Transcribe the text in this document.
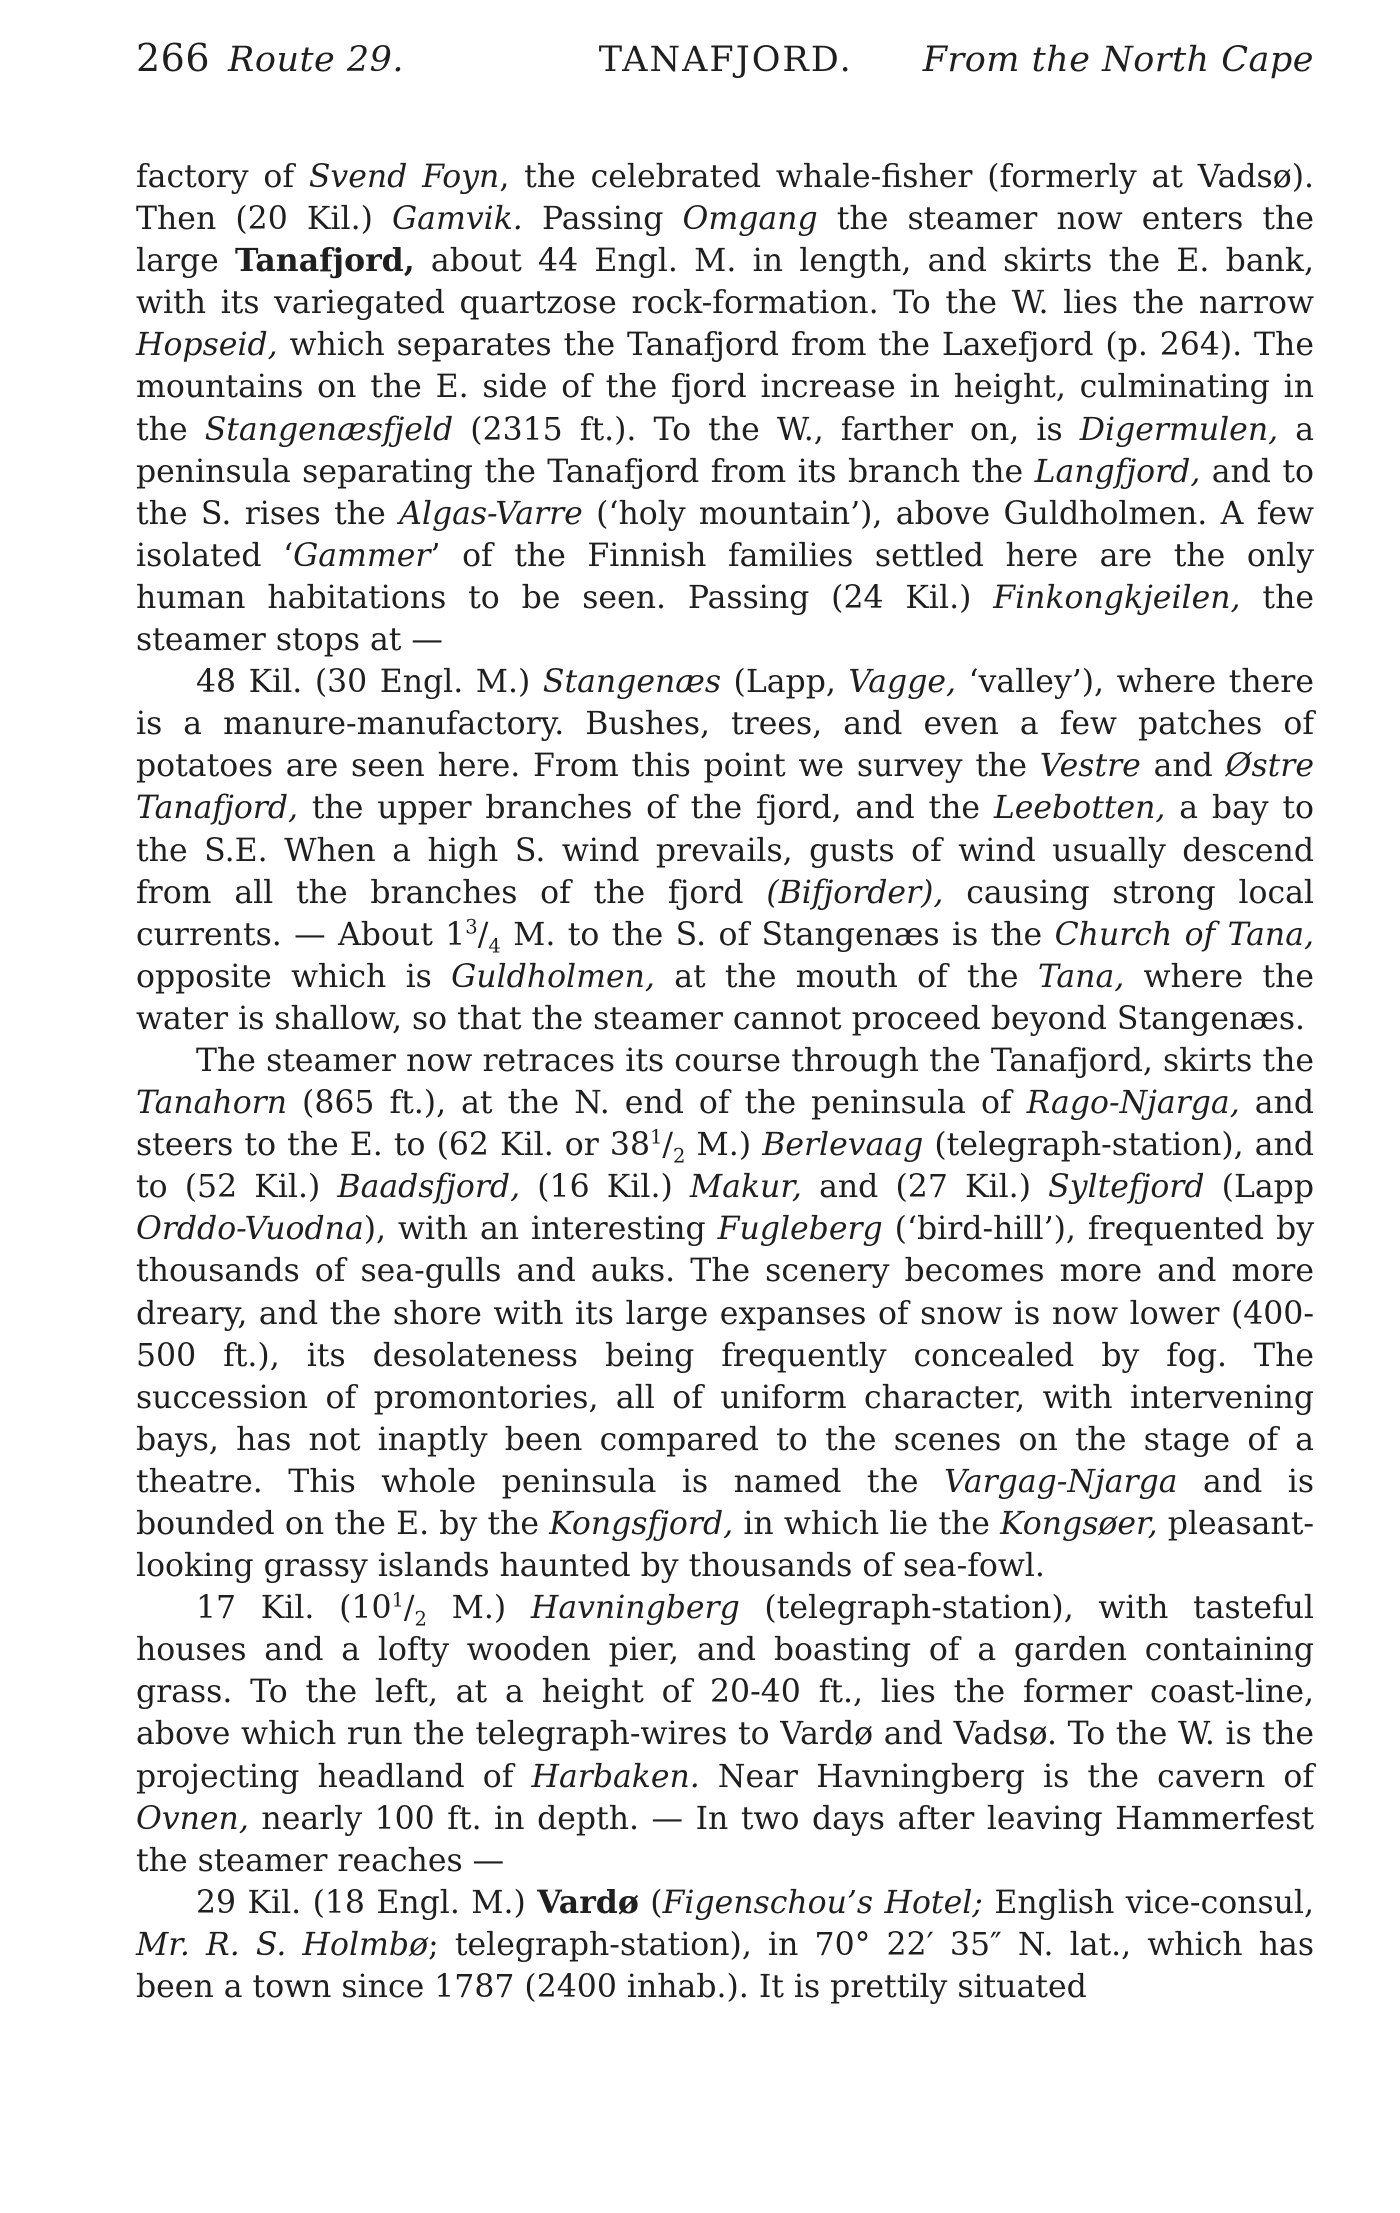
266 Route 29.	TANAFJORD. From the North Cape

factory of Svend Foyn, the celebrated whale-fisher (formerly at Vadsø). Then (20 Kil.) Gamvik. Passing Omgang the steamer now enters the large Tanafjord, about 44 Engl. M. in length, and skirts the E. bank, with its variegated quartzose rock-formation. To the W. lies the narrow Hopseid, which separates the Tanafjord from the Laxefjord (p. 264). The mountains on the E. side of the fjord increase in height, culminating in the Stangenæsfjeld (2315 ft.). To the W., farther on, is Digermulen, a peninsula separating the Tanafjord from its branch the Langfjord, and to the S. rises the Algas-Varre (‘holy mountain’), above Guldholmen. A few isolated ‘Gammer’ of the Finnish families settled here are the only human habitations to be seen. Passing (24 Kil.) Finkongkjeilen, the steamer stops at —

48 Kil. (30 Engl. M.) Stangenæs (Lapp, Vagge, ‘valley’), where there is a manure-manufactory. Bushes, trees, and even a few patches of potatoes are seen here. From this point we survey the Vestre and Østre Tanafjord, the upper branches of the fjord, and the Leebotten, a bay to the S.E. When a high S. wind prevails, gusts of wind usually descend from all the branches of the fjord (Bifjorder), causing strong local currents. — About $1^3/_4$ M. to the S. of Stangenæs is the Church of Tana, opposite which is Guldholmen, at the mouth of the Tana, where the water is shallow, so that the steamer cannot proceed beyond Stangenæs.

The steamer now retraces its course through the Tanafjord, skirts the Tanahorn (865 ft.), at the N. end of the peninsula of Rago-Njarga, and steers to the E. to (62 Kil. or $38^1/_2$ M.) Berlevaag (telegraph-station), and to (52 Kil.) Baadsfjord, (16 Kil.) Makur, and (27 Kil.) Syltefjord (Lapp Orddo-Vuodna), with an interesting Fugleberg (‘bird-hill’), frequented by thousands of sea-gulls and auks. The scenery becomes more and more dreary, and the shore with its large expanses of snow is now lower (400-500 ft.), its desolateness being frequently concealed by fog. The succession of promontories, all of uniform character, with intervening bays, has not inaptly been compared to the scenes on the stage of a theatre. This whole peninsula is named the Vargag-Njarga and is bounded on the E. by the Kongsfjord, in which lie the Kongsøer, pleasant-looking grassy islands haunted by thousands of sea-fowl.

17 Kil. ($10^1/_2$ M.) Havningberg (telegraph-station), with tasteful houses and a lofty wooden pier, and boasting of a garden containing grass. To the left, at a height of 20-40 ft., lies the former coast-line, above which run the telegraph-wires to Vardø and Vadsø. To the W. is the projecting headland of Harbaken. Near Havningberg is the cavern of Ovnen, nearly 100 ft. in depth. — In two days after leaving Hammerfest the steamer reaches —

29 Kil. (18 Engl. M.) Vardø (Figenschou’s Hotel; English vice-consul, Mr. R. S. Holmbø; telegraph-station), in 70° 22′ 35″ N. lat., which has been a town since 1787 (2400 inhab.). It is prettily situated
